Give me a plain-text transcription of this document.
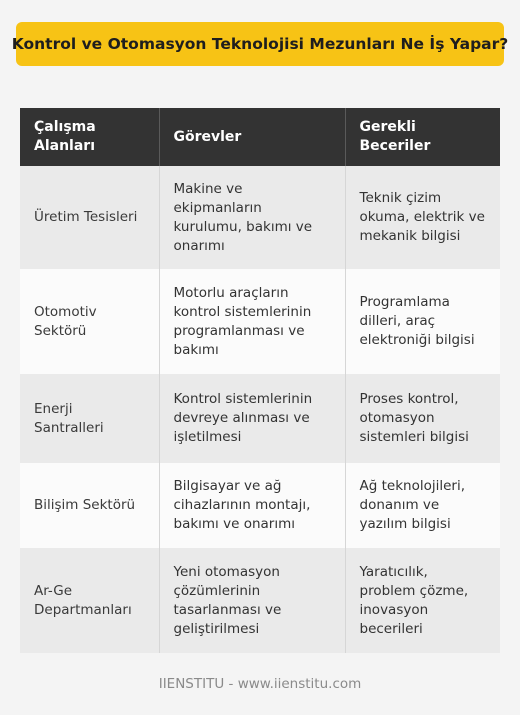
Kontrol ve Otomasyon Teknolojisi Mezunları Ne İş Yapar?
Çalışma Alanları	Görevler	Gerekli Beceriler
Üretim Tesisleri	Makine ve ekipmanların kurulumu, bakımı ve onarımı	Teknik çizim okuma, elektrik ve mekanik bilgisi
Otomotiv Sektörü	Motorlu araçların kontrol sistemlerinin programlanması ve bakımı	Programlama dilleri, araç elektroniği bilgisi
Enerji Santralleri	Kontrol sistemlerinin devreye alınması ve işletilmesi	Proses kontrol, otomasyon sistemleri bilgisi
Bilişim Sektörü	Bilgisayar ve ağ cihazlarının montajı, bakımı ve onarımı	Ağ teknolojileri, donanım ve yazılım bilgisi
Ar-Ge Departmanları	Yeni otomasyon çözümlerinin tasarlanması ve geliştirilmesi	Yaratıcılık, problem çözme, inovasyon becerileri
IIENSTITU - www.iienstitu.com
